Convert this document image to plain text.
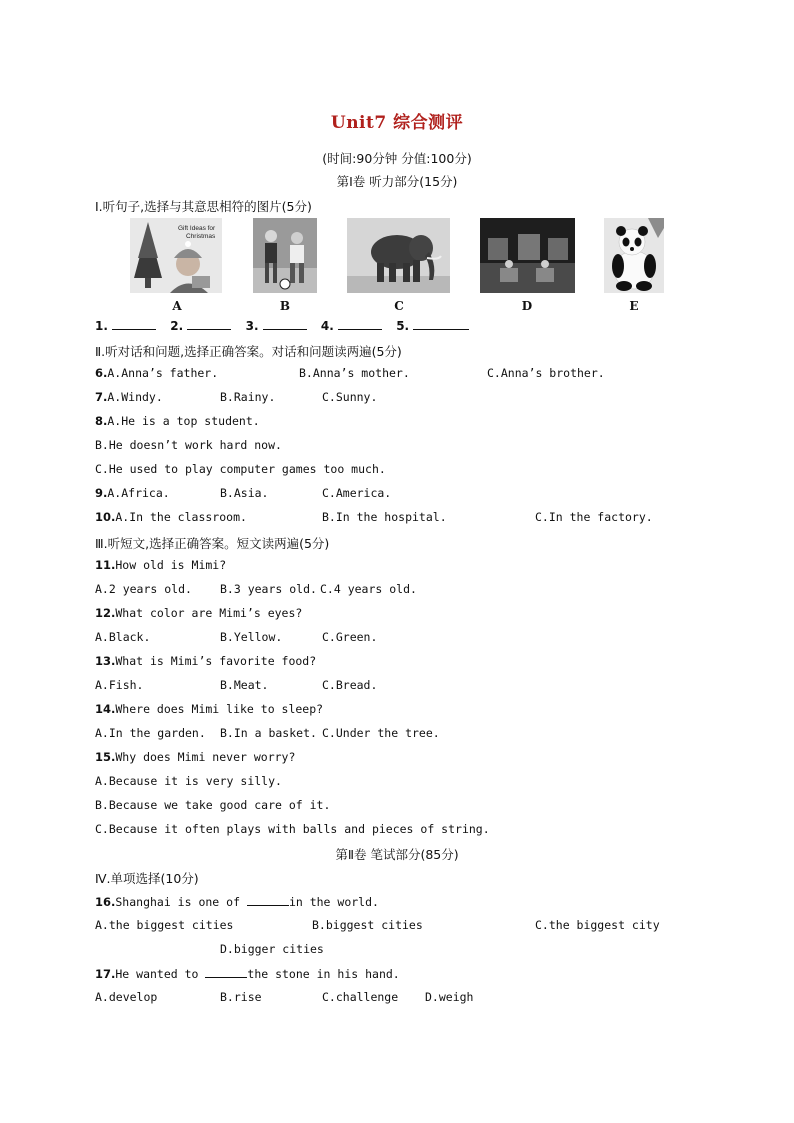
Unit7 综合测评
(时间:90分钟 分值:100分)
第Ⅰ卷 听力部分(15分)
Ⅰ.听句子,选择与其意思相符的图片(5分)
Gift Ideas for
Christmas
A	B	C	D	E
1.	2.	3.	4.	5.
Ⅱ.听对话和问题,选择正确答案。对话和问题读两遍(5分)
6.A.Anna’s father.	B.Anna’s mother.	C.Anna’s brother.
7.A.Windy.	B.Rainy.	C.Sunny.
8.A.He is a top student.
B.He doesn’t work hard now.
C.He used to play computer games too much.
9.A.Africa.	B.Asia.	C.America.
10.A.In the classroom.	B.In the hospital.	C.In the factory.
Ⅲ.听短文,选择正确答案。短文读两遍(5分)
11.How old is Mimi?
A.2 years old. B.3 years old. C.4 years old.
12.What color are Mimi’s eyes?
A.Black.	B.Yellow.	C.Green.
13.What is Mimi’s favorite food?
A.Fish.	B.Meat.	C.Bread.
14.Where does Mimi like to sleep?
A.In the garden. B.In a basket. C.Under the tree.
15.Why does Mimi never worry?
A.Because it is very silly.
B.Because we take good care of it.
C.Because it often plays with balls and pieces of string.
第Ⅱ卷 笔试部分(85分)
Ⅳ.单项选择(10分)
16.Shanghai is one of	in the world.
A.the biggest cities	B.biggest cities	C.the biggest city
D.bigger cities
17.He wanted to	the stone in his hand.
A.develop	B.rise	C.challenge D.weigh
